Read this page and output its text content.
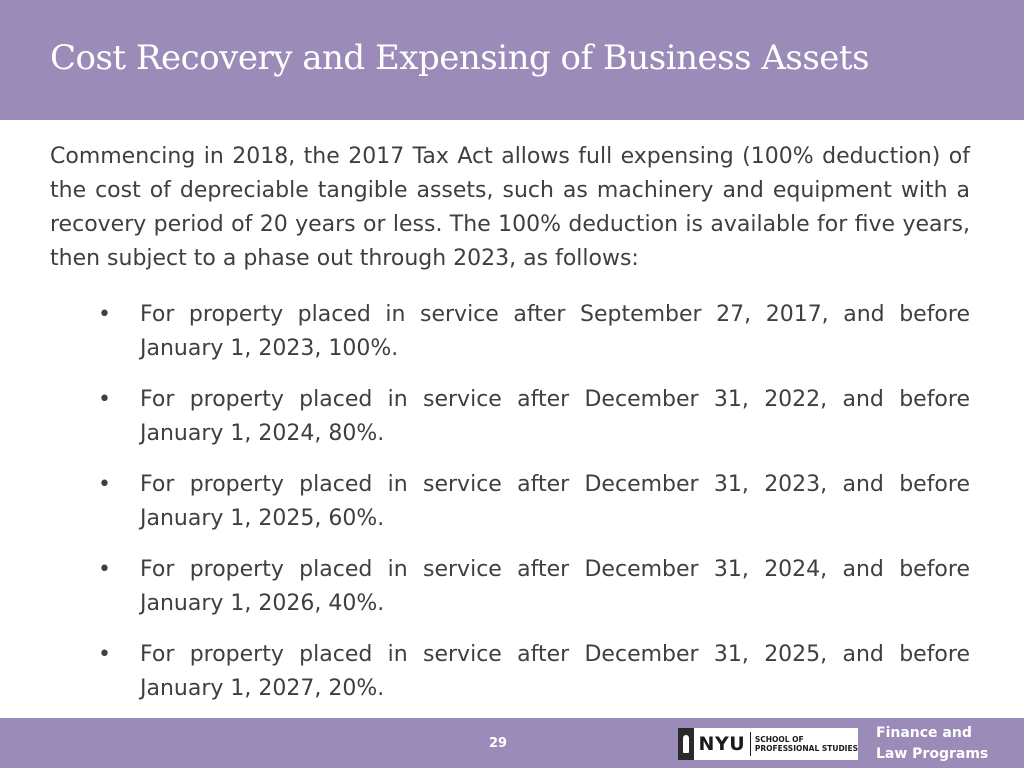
Cost Recovery and Expensing of Business Assets

Commencing in 2018, the 2017 Tax Act allows full expensing (100% deduction) of the cost of depreciable tangible assets, such as machinery and equipment with a recovery period of 20 years or less. The 100% deduction is available for five years, then subject to a phase out through 2023, as follows:

• For property placed in service after September 27, 2017, and before January 1, 2023, 100%.
• For property placed in service after December 31, 2022, and before January 1, 2024, 80%.
• For property placed in service after December 31, 2023, and before January 1, 2025, 60%.
• For property placed in service after December 31, 2024, and before January 1, 2026, 40%.
• For property placed in service after December 31, 2025, and before January 1, 2027, 20%.
29	NYU	SCHOOL OF
PROFESSIONAL STUDIES
Finance and
Law Programs
